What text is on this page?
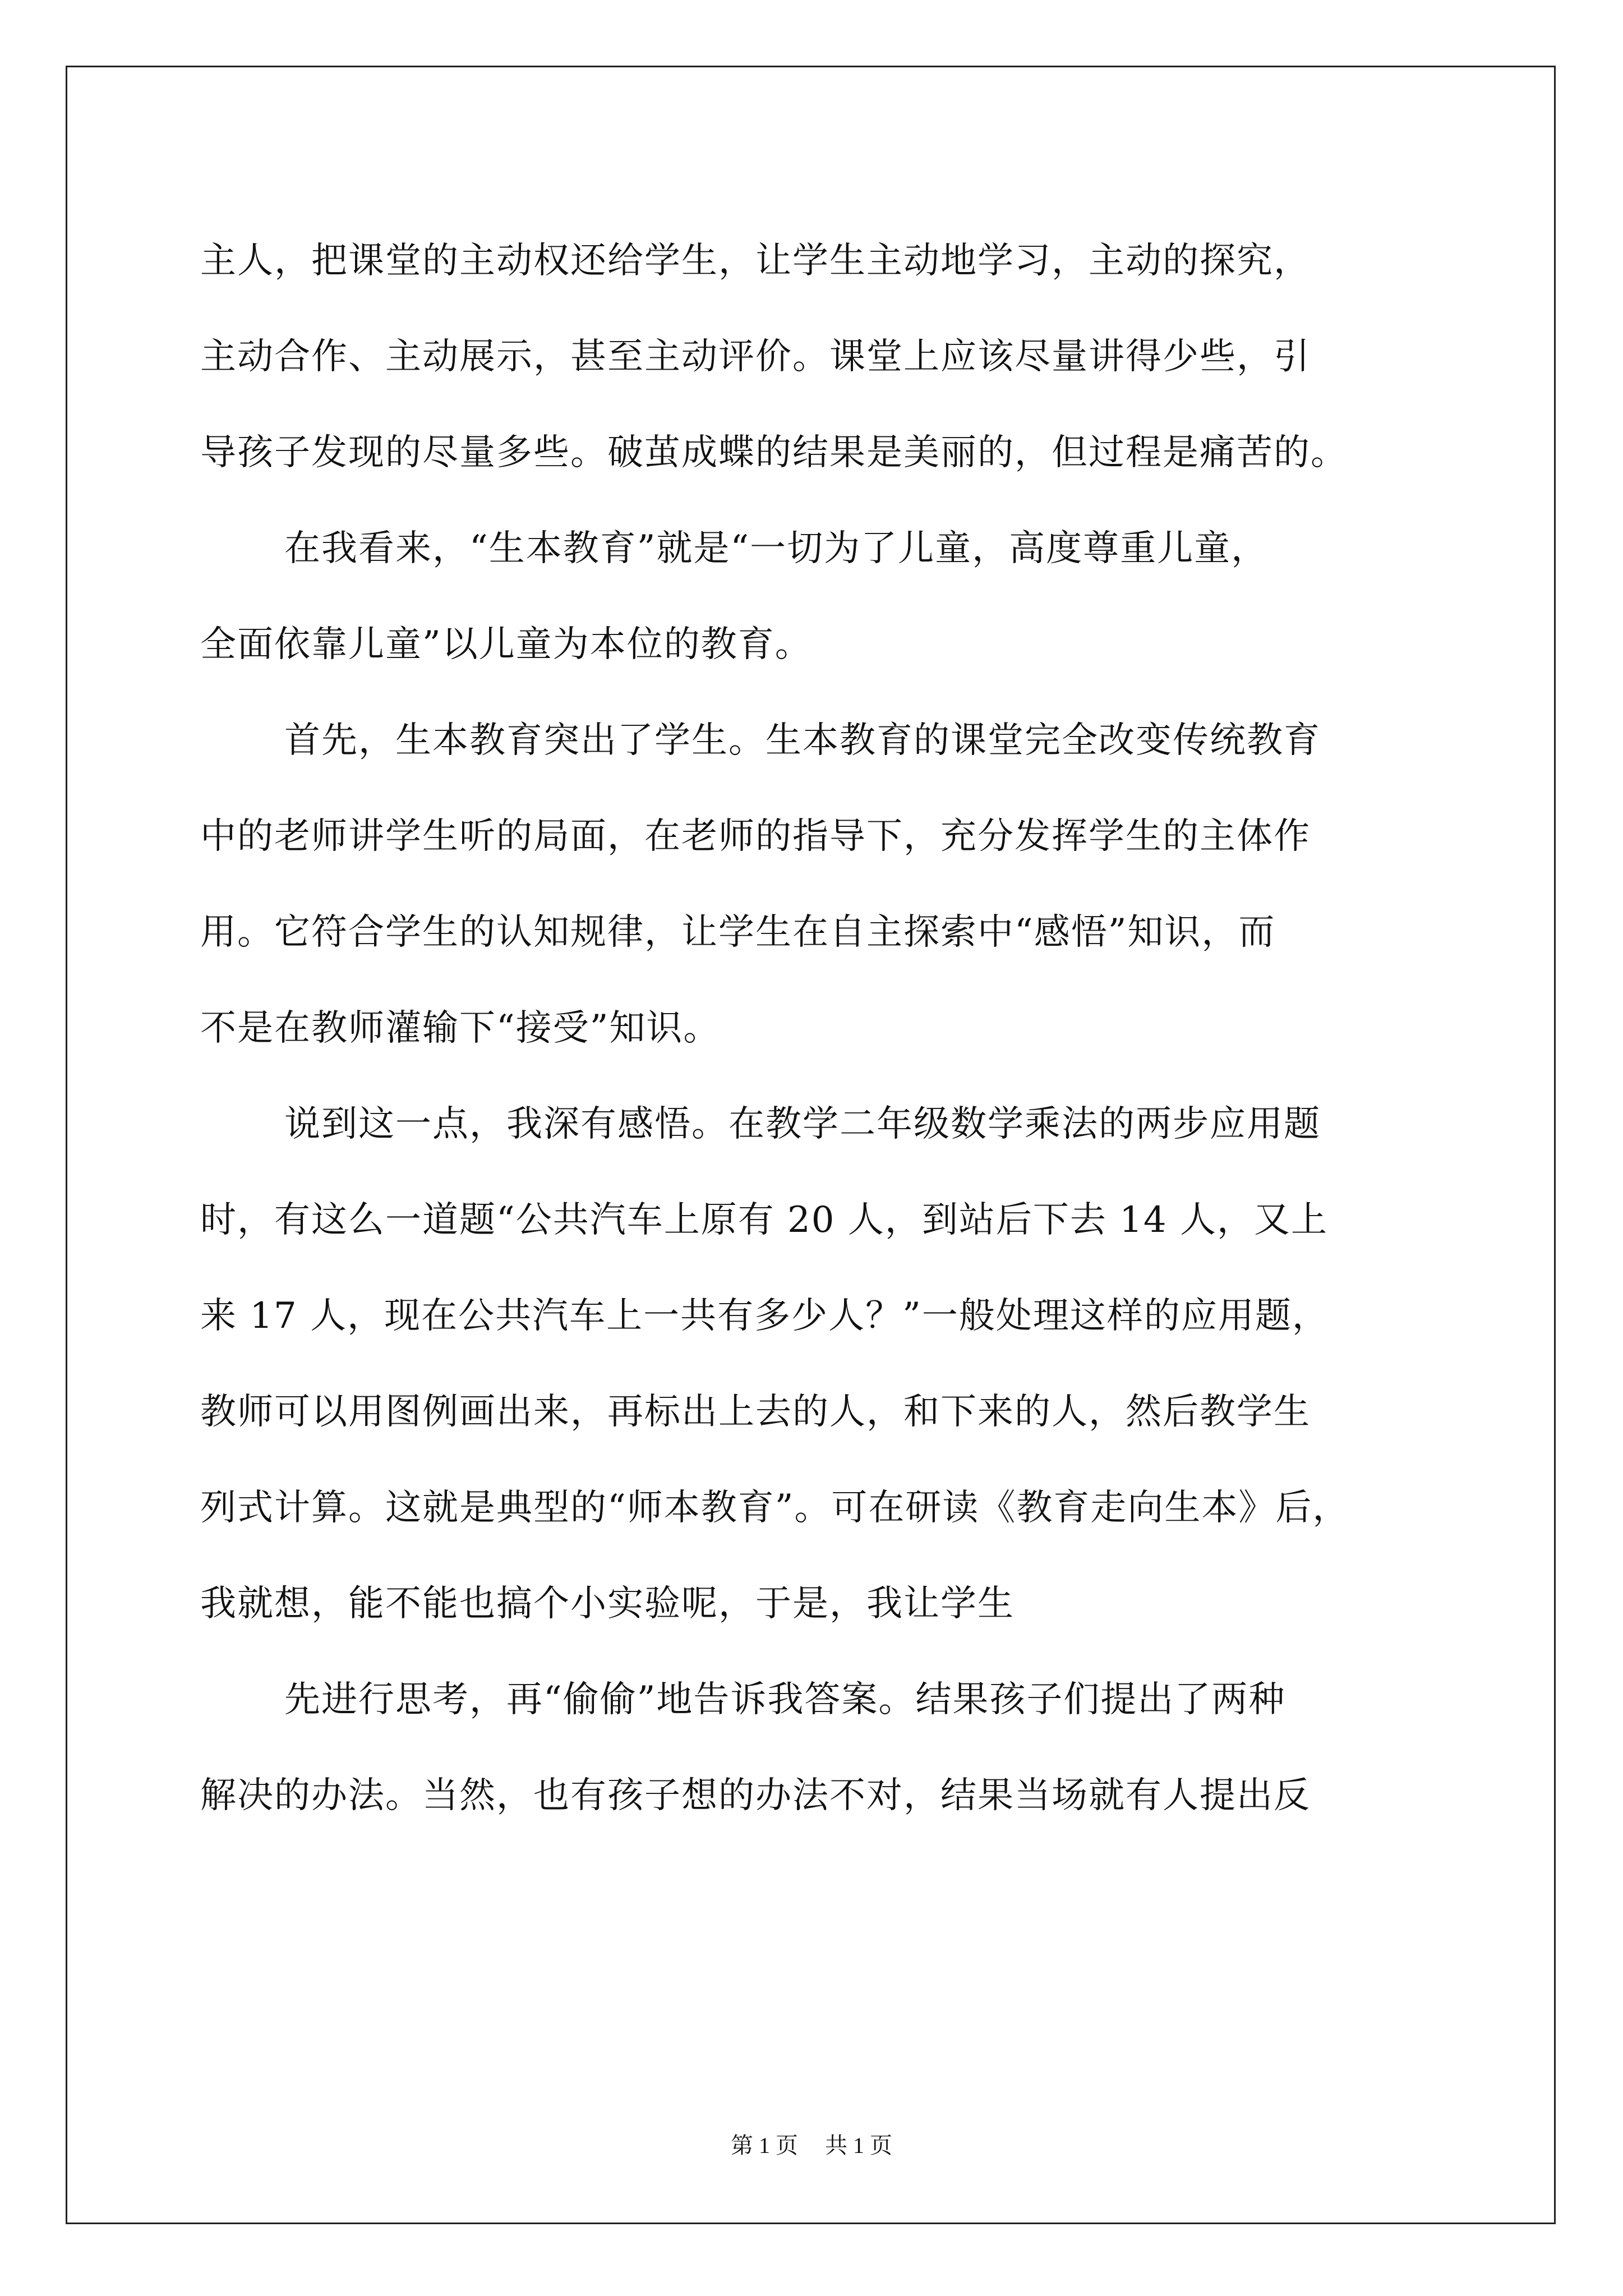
主人，把课堂的主动权还给学生，让学生主动地学习，主动的探究，
主动合作、主动展示，甚至主动评价。课堂上应该尽量讲得少些，引
导孩子发现的尽量多些。破茧成蝶的结果是美丽的，但过程是痛苦的。
在我看来，“生本教育”就是“一切为了儿童，高度尊重儿童，
全面依靠儿童”以儿童为本位的教育。
首先，生本教育突出了学生。生本教育的课堂完全改变传统教育
中的老师讲学生听的局面，在老师的指导下，充分发挥学生的主体作
用。它符合学生的认知规律，让学生在自主探索中“感悟”知识，而
不是在教师灌输下“接受”知识。
说到这一点，我深有感悟。在教学二年级数学乘法的两步应用题
时，有这么一道题“公共汽车上原有 20 人，到站后下去 14 人，又上
来 17 人，现在公共汽车上一共有多少人？”一般处理这样的应用题，
教师可以用图例画出来，再标出上去的人，和下来的人，然后教学生
列式计算。这就是典型的“师本教育”。可在研读《教育走向生本》后，
我就想，能不能也搞个小实验呢，于是，我让学生
先进行思考，再“偷偷”地告诉我答案。结果孩子们提出了两种
解决的办法。当然，也有孩子想的办法不对，结果当场就有人提出反
第 1 页 共 1 页
